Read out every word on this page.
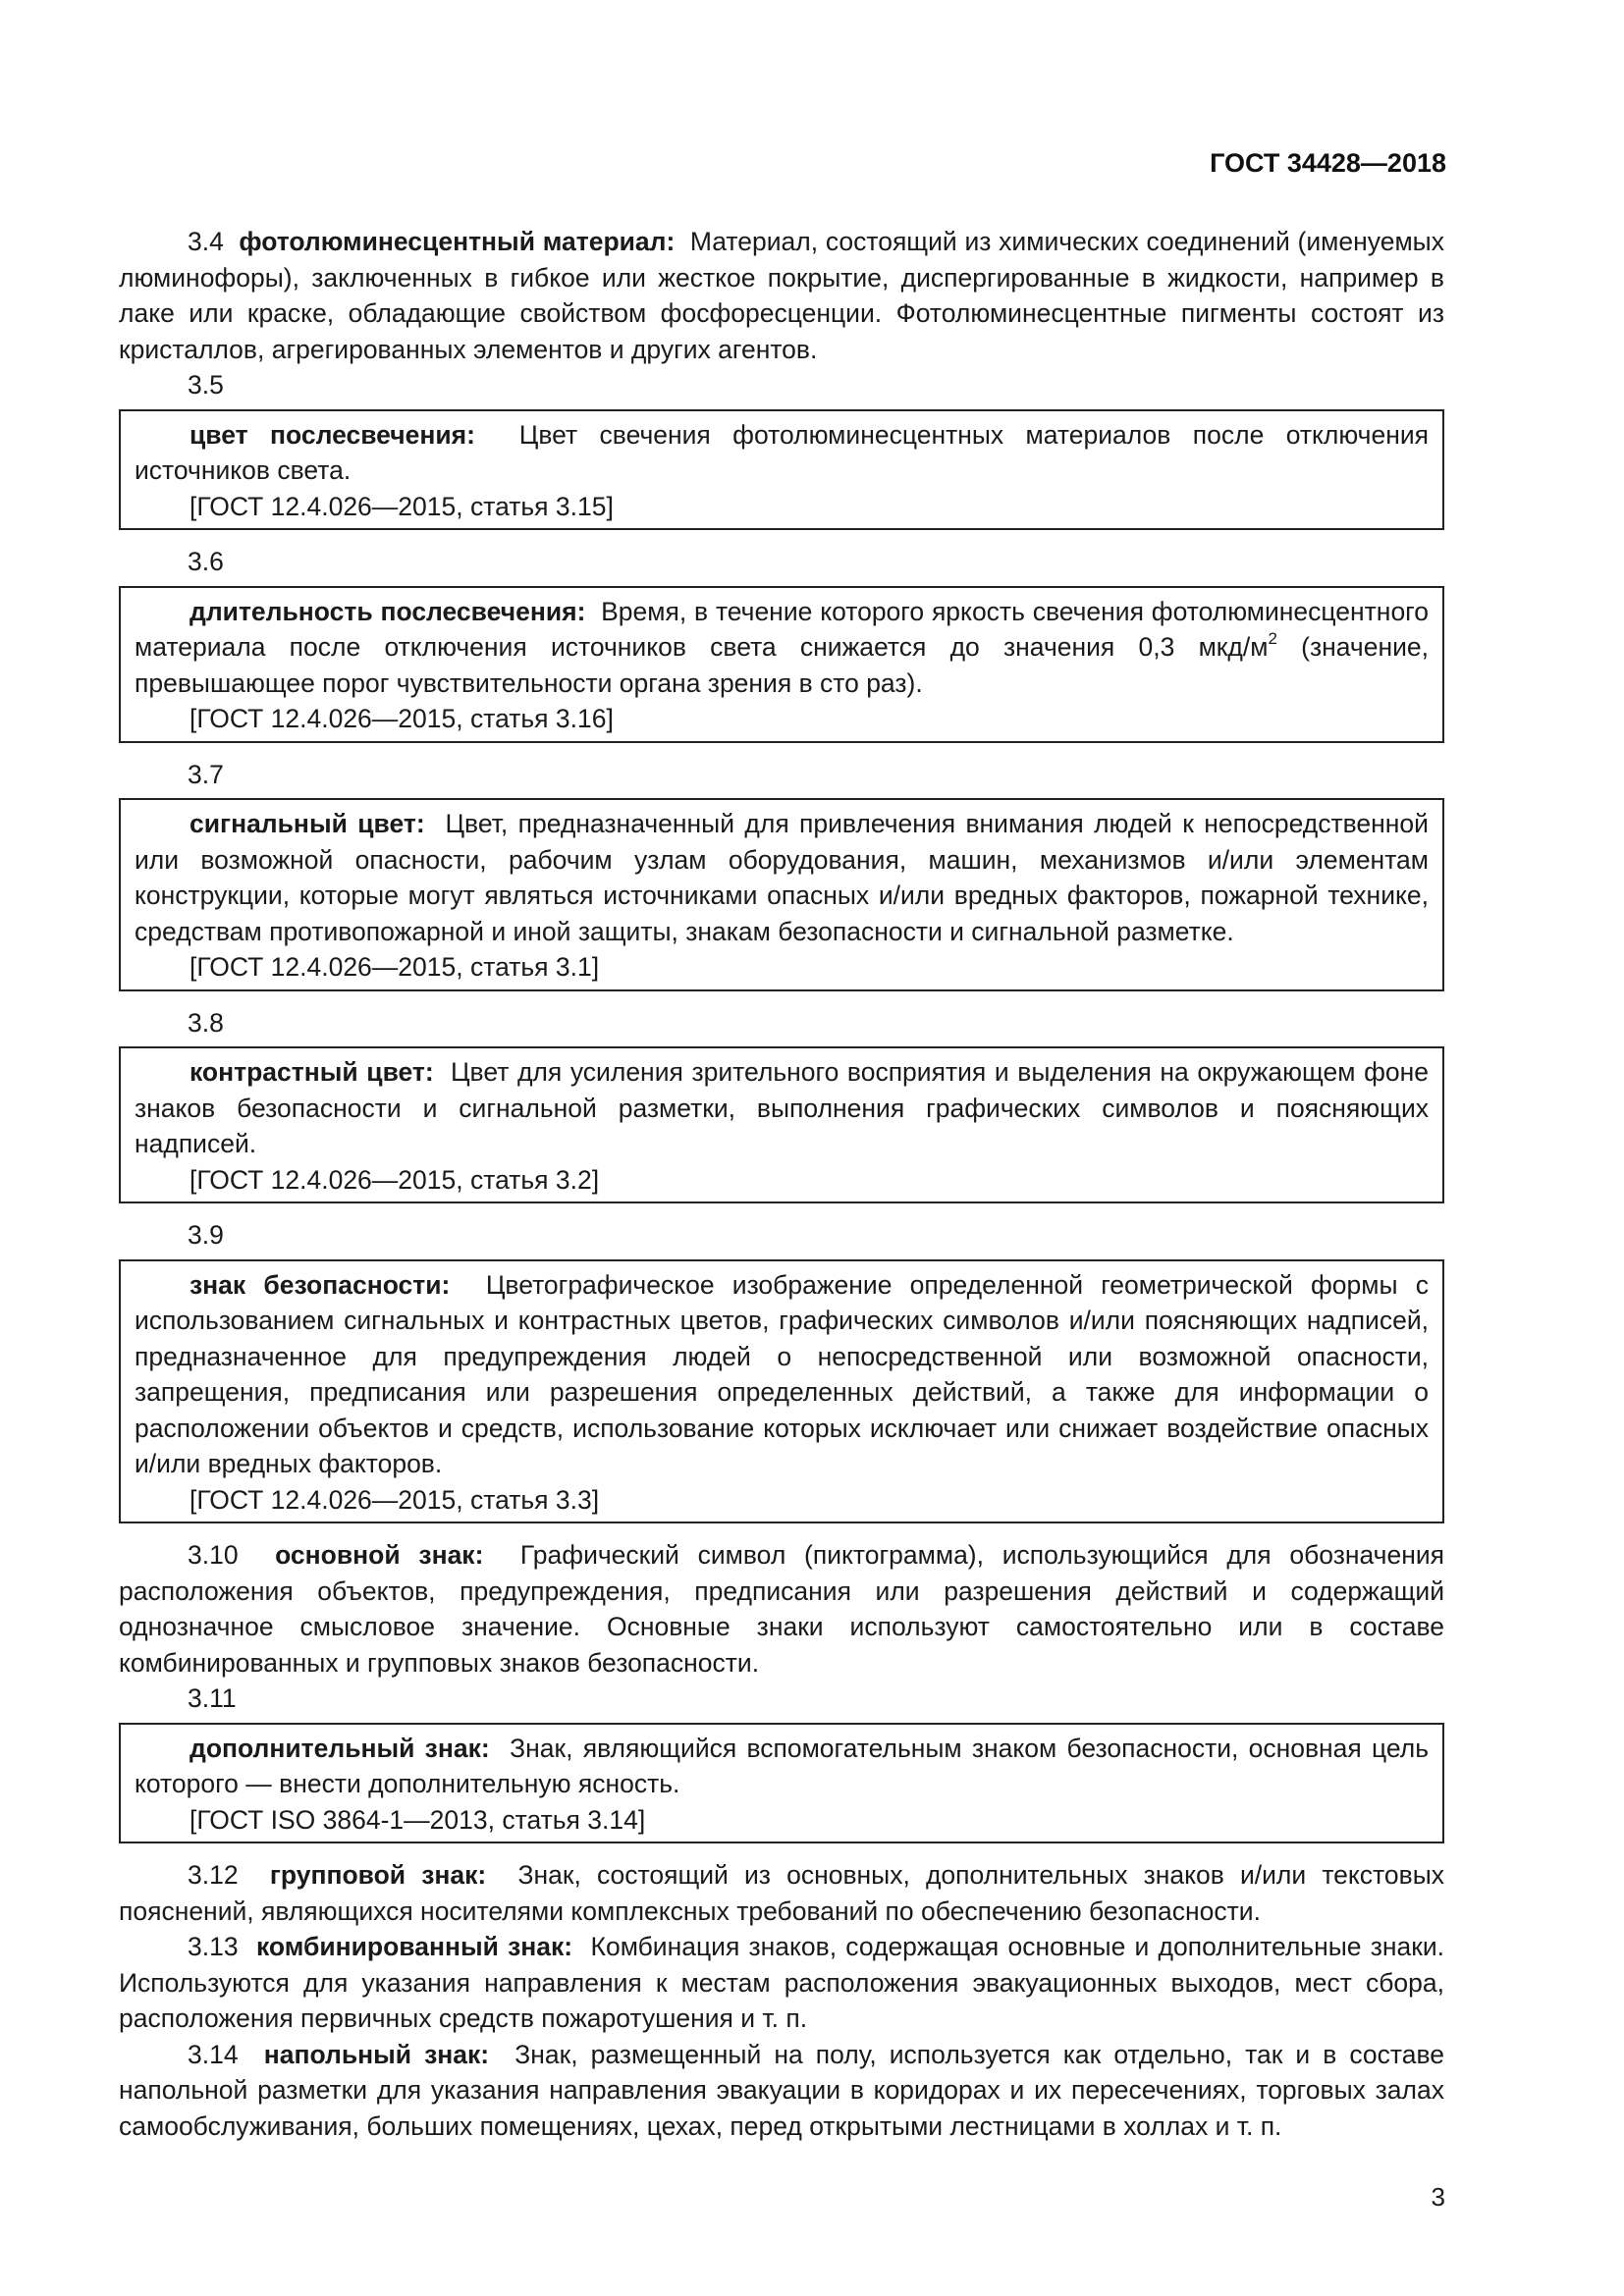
ГОСТ 34428—2018

3.4 фотолюминесцентный материал: Материал, состоящий из химических соединений (именуемых люминофоры), заключенных в гибкое или жесткое покрытие, диспергированные в жидкости, например в лаке или краске, обладающие свойством фосфоресценции. Фотолюминесцентные пигменты состоят из кристаллов, агрегированных элементов и других агентов.

3.5

цвет послесвечения: Цвет свечения фотолюминесцентных материалов после отключения источников света.

[ГОСТ 12.4.026—2015, статья 3.15]

3.6

длительность послесвечения: Время, в течение которого яркость свечения фотолюминесцентного материала после отключения источников света снижается до значения 0,3 мкд/$м^2$ (значение, превышающее порог чувствительности органа зрения в сто раз).

[ГОСТ 12.4.026—2015, статья 3.16]

3.7

сигнальный цвет: Цвет, предназначенный для привлечения внимания людей к непосредственной или возможной опасности, рабочим узлам оборудования, машин, механизмов и/или элементам конструкции, которые могут являться источниками опасных и/или вредных факторов, пожарной технике, средствам противопожарной и иной защиты, знакам безопасности и сигнальной разметке.

[ГОСТ 12.4.026—2015, статья 3.1]

3.8

контрастный цвет: Цвет для усиления зрительного восприятия и выделения на окружающем фоне знаков безопасности и сигнальной разметки, выполнения графических символов и поясняющих надписей.

[ГОСТ 12.4.026—2015, статья 3.2]

3.9

знак безопасности: Цветографическое изображение определенной геометрической формы с использованием сигнальных и контрастных цветов, графических символов и/или поясняющих надписей, предназначенное для предупреждения людей о непосредственной или возможной опасности, запрещения, предписания или разрешения определенных действий, а также для информации о расположении объектов и средств, использование которых исключает или снижает воздействие опасных и/или вредных факторов.

[ГОСТ 12.4.026—2015, статья 3.3]

3.10 основной знак: Графический символ (пиктограмма), использующийся для обозначения расположения объектов, предупреждения, предписания или разрешения действий и содержащий однозначное смысловое значение. Основные знаки используют самостоятельно или в составе комбинированных и групповых знаков безопасности.

3.11

дополнительный знак: Знак, являющийся вспомогательным знаком безопасности, основная цель которого — внести дополнительную ясность.

[ГОСТ ISO 3864-1—2013, статья 3.14]

3.12 групповой знак: Знак, состоящий из основных, дополнительных знаков и/или текстовых пояснений, являющихся носителями комплексных требований по обеспечению безопасности.

3.13 комбинированный знак: Комбинация знаков, содержащая основные и дополнительные знаки. Используются для указания направления к местам расположения эвакуационных выходов, мест сбора, расположения первичных средств пожаротушения и т. п.

3.14 напольный знак: Знак, размещенный на полу, используется как отдельно, так и в составе напольной разметки для указания направления эвакуации в коридорах и их пересечениях, торговых залах самообслуживания, больших помещениях, цехах, перед открытыми лестницами в холлах и т. п.

3
